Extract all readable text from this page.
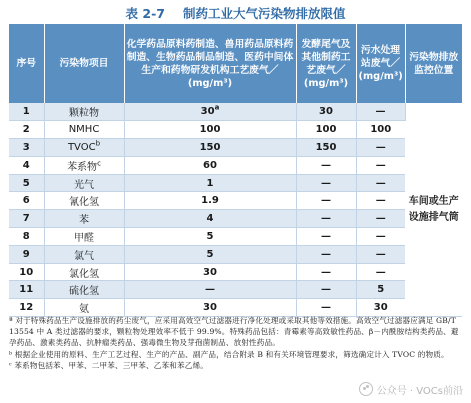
表 2-7 制药工业大气污染物排放限值
序号	污染物项目	化学药品原料药制造、兽用药品原料药制造、生物药品制品制造、医药中间体生产和药物研发机构工艺废气／(mg/m³)	发酵尾气及其他制药工艺废气／(mg/m³)	污水处理站废气／(mg/m³)	污染物排放监控位置
1	颗粒物	30$^a$	30	—	车间或生产设施排气筒
2	NMHC	100	100	100	
3	TVOC$^b$	150	150	—	
4	苯系物$^c$	60	—	—	
5	光气	1	—	—	
6	氰化氢	1.9	—	—	
7	苯	4	—	—	
8	甲醛	5	—	—	
9	氯气	5	—	—	
10	氯化氢	30	—	—	
11	硫化氢	—	—	5	
12	氨	30	—	30	

ª 对于特殊药品生产设施排放的药尘废气，应采用高效空气过滤器进行净化处理或采取其他等效措施。高效空气过滤器应满足 GB/T 13554 中 A 类过滤器的要求，颗粒物处理效率不低于 99.9%。特殊药品包括：青霉素等高致敏性药品、β－内酰胺结构类药品、避孕药品、激素类药品、抗肿瘤类药品、强毒微生物及芽孢菌制品、放射性药品。

ᵇ 根据企业使用的原料、生产工艺过程、生产的产品、副产品，结合附录 B 和有关环境管理要求，筛选确定计入 TVOC 的物质。

ᶜ 苯系物包括苯、甲苯、二甲苯、三甲苯、乙苯和苯乙烯。

公众号 · VOCs前沿
